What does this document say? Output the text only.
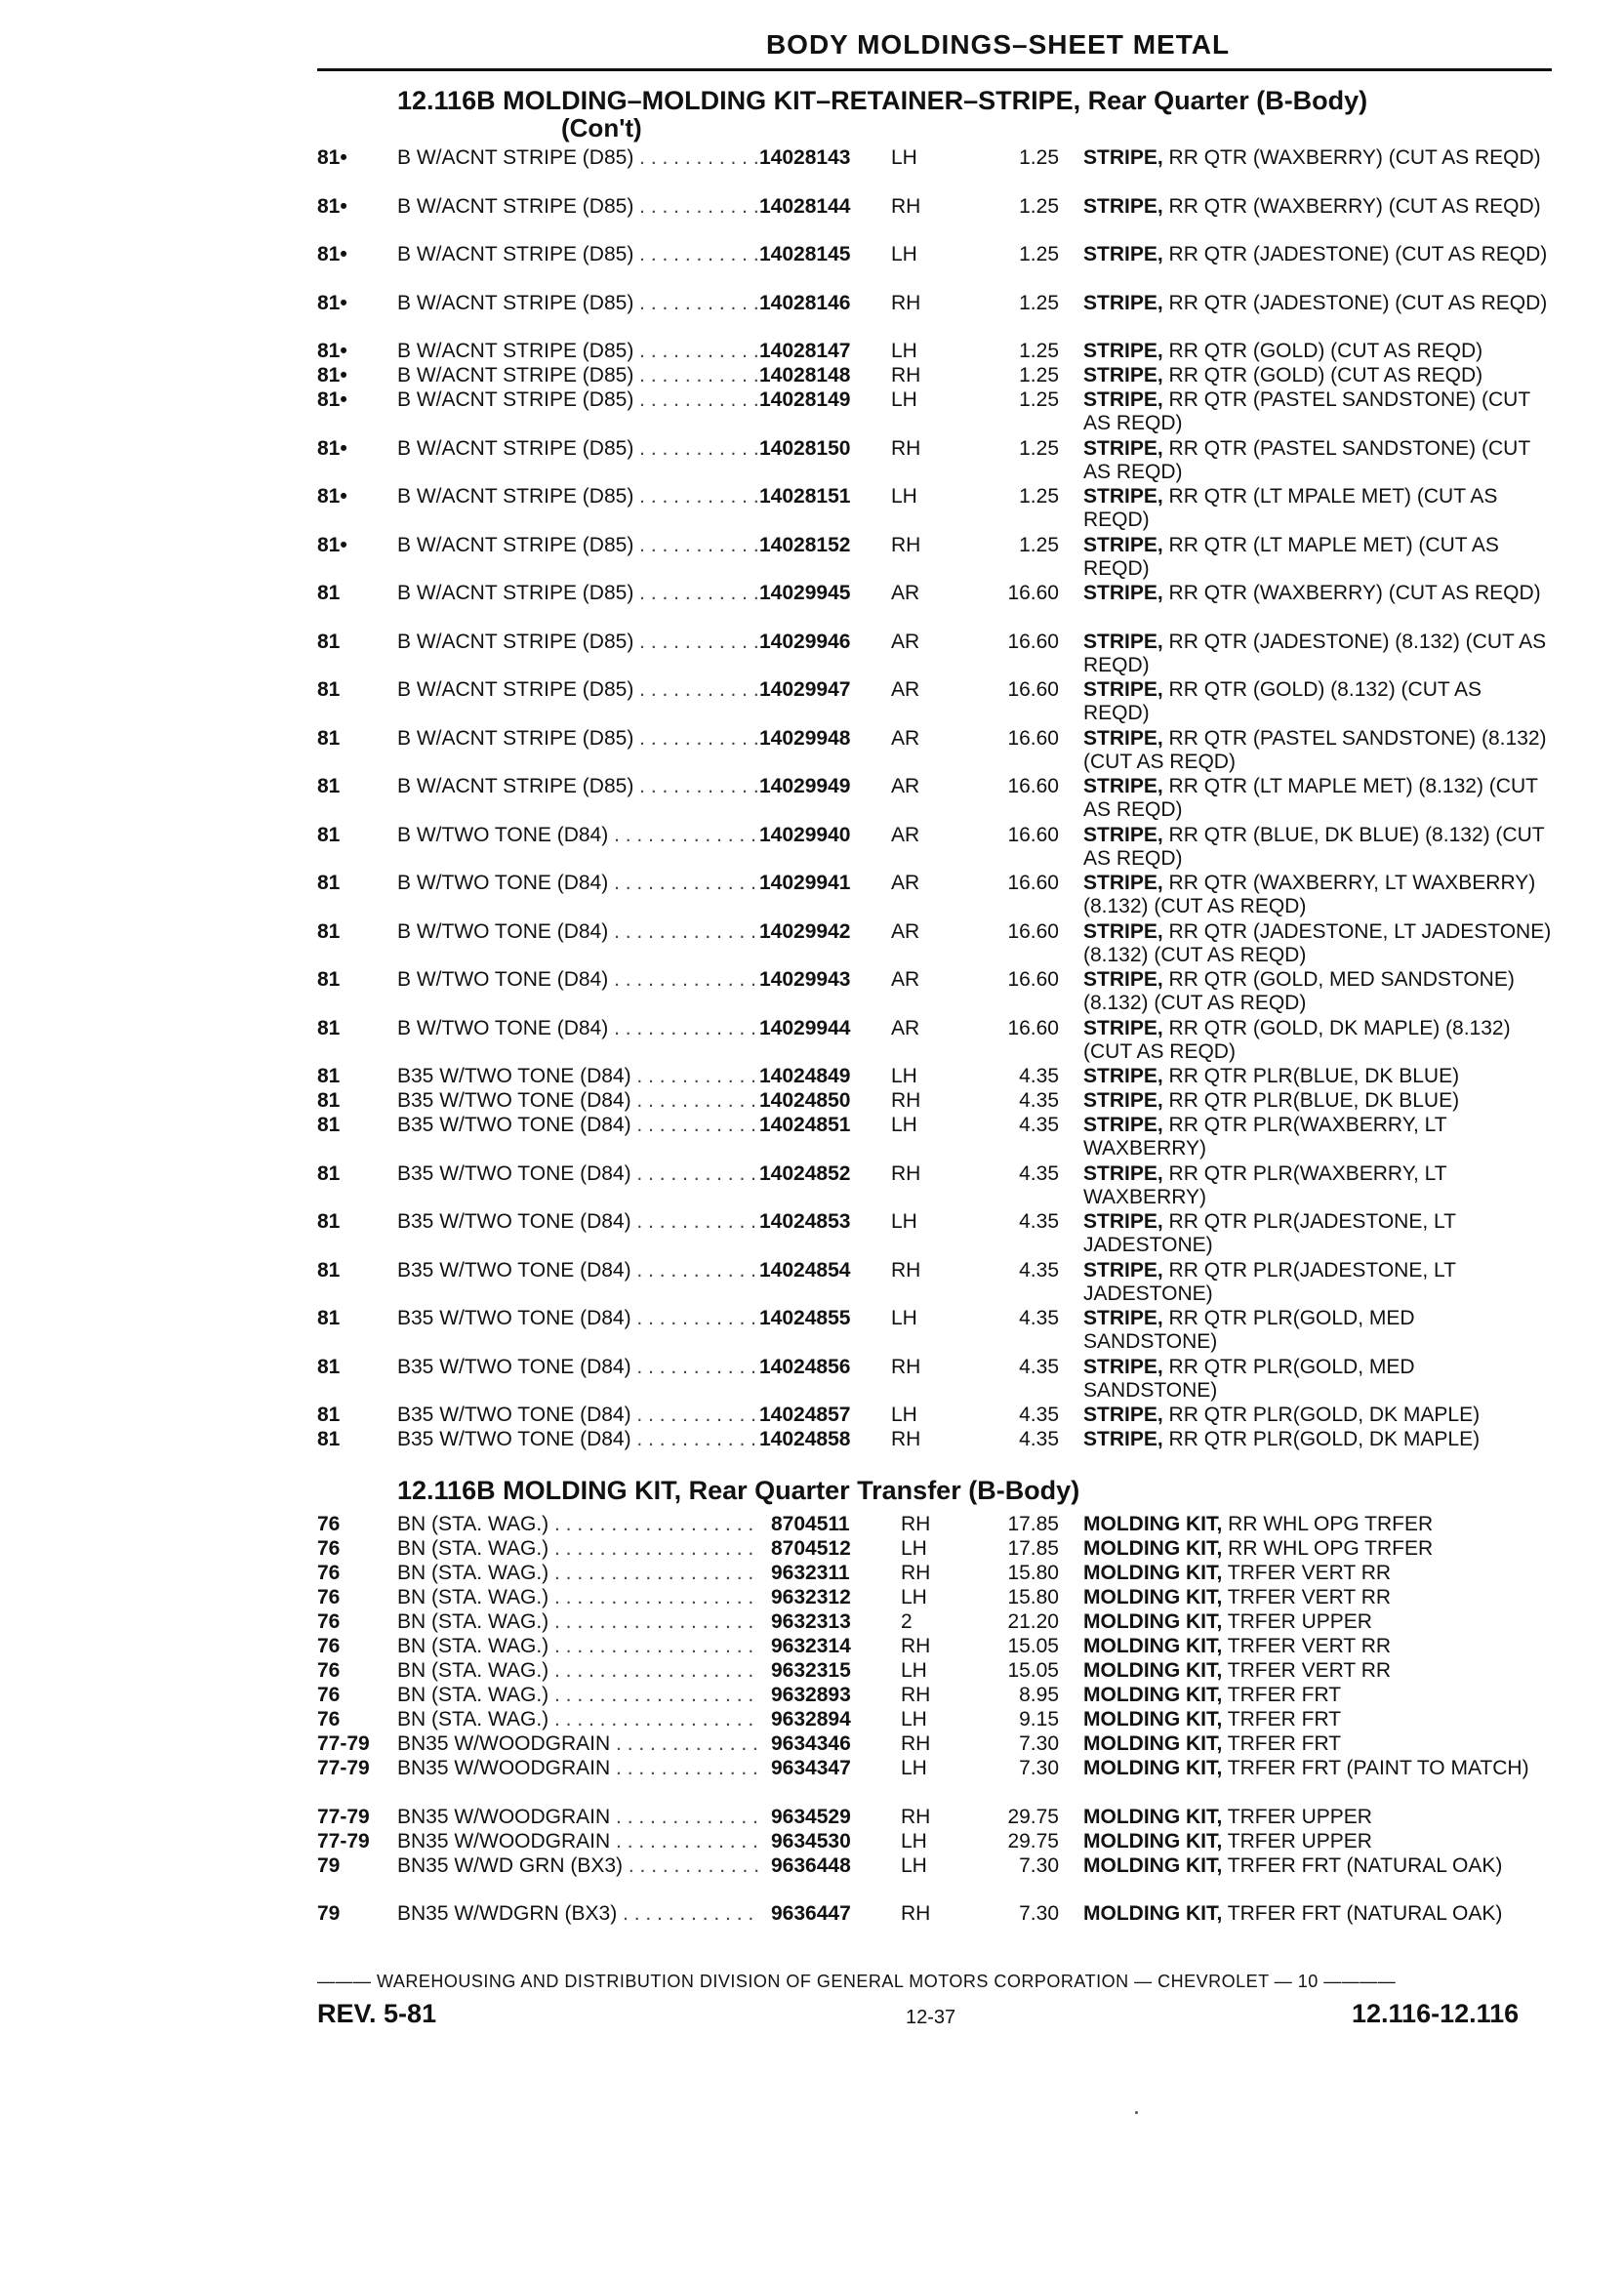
BODY MOLDINGS–SHEET METAL
12.116B MOLDING–MOLDING KIT–RETAINER–STRIPE, Rear Quarter (B-Body)
(Con't)
81•	B W/ACNT STRIPE (D85) . . .	14028143	LH	1.25 STRIPE, RR QTR (WAXBERRY) (CUT AS REQD)
81•	B W/ACNT STRIPE (D85) . . .	14028144	RH	1.25 STRIPE, RR QTR (WAXBERRY) (CUT AS REQD)
81•	B W/ACNT STRIPE (D85) . . .	14028145	LH	1.25 STRIPE, RR QTR (JADESTONE) (CUT AS REQD)
81•	B W/ACNT STRIPE (D85) . . .	14028146	RH	1.25 STRIPE, RR QTR (JADESTONE) (CUT AS REQD)
81•	B W/ACNT STRIPE (D85) . . .	14028147	LH	1.25 STRIPE, RR QTR (GOLD) (CUT AS REQD)
81•	B W/ACNT STRIPE (D85) . . .	14028148	RH	1.25 STRIPE, RR QTR (GOLD) (CUT AS REQD)
81•	B W/ACNT STRIPE (D85) . . .	14028149	LH	1.25 STRIPE, RR QTR (PASTEL SANDSTONE) (CUT AS REQD)
81•	B W/ACNT STRIPE (D85) . . .	14028150	RH	1.25 STRIPE, RR QTR (PASTEL SANDSTONE) (CUT AS REQD)
81•	B W/ACNT STRIPE (D85) . . .	14028151	LH	1.25 STRIPE, RR QTR (LT MPALE MET) (CUT AS REQD)
81•	B W/ACNT STRIPE (D85) . . .	14028152	RH	1.25 STRIPE, RR QTR (LT MAPLE MET) (CUT AS REQD)
81	B W/ACNT STRIPE (D85) . . .	14029945	AR	16.60 STRIPE, RR QTR (WAXBERRY) (CUT AS REQD)
81	B W/ACNT STRIPE (D85) . . .	14029946	AR	16.60 STRIPE, RR QTR (JADESTONE) (8.132) (CUT AS REQD)
81	B W/ACNT STRIPE (D85) . . .	14029947	AR	16.60 STRIPE, RR QTR (GOLD) (8.132) (CUT AS REQD)
81	B W/ACNT STRIPE (D85) . . .	14029948	AR	16.60 STRIPE, RR QTR (PASTEL SANDSTONE) (8.132) (CUT AS REQD)
81	B W/ACNT STRIPE (D85) . . .	14029949	AR	16.60 STRIPE, RR QTR (LT MAPLE MET) (8.132) (CUT AS REQD)
81	B W/TWO TONE (D84) . . .	14029940	AR	16.60 STRIPE, RR QTR (BLUE, DK BLUE) (8.132) (CUT AS REQD)
81	B W/TWO TONE (D84) . . .	14029941	AR	16.60 STRIPE, RR QTR (WAXBERRY, LT WAXBERRY) (8.132) (CUT AS REQD)
81	B W/TWO TONE (D84) . . .	14029942	AR	16.60 STRIPE, RR QTR (JADESTONE, LT JADESTONE) (8.132) (CUT AS REQD)
81	B W/TWO TONE (D84) . . .	14029943	AR	16.60 STRIPE, RR QTR (GOLD, MED SANDSTONE) (8.132) (CUT AS REQD)
81	B W/TWO TONE (D84) . . .	14029944	AR	16.60 STRIPE, RR QTR (GOLD, DK MAPLE) (8.132) (CUT AS REQD)
81	B35 W/TWO TONE (D84) . . .	14024849	LH	4.35 STRIPE, RR QTR PLR(BLUE, DK BLUE)
81	B35 W/TWO TONE (D84) . . .	14024850	RH	4.35 STRIPE, RR QTR PLR(BLUE, DK BLUE)
81	B35 W/TWO TONE (D84) . . .	14024851	LH	4.35 STRIPE, RR QTR PLR(WAXBERRY, LT WAXBERRY)
81	B35 W/TWO TONE (D84) . . .	14024852	RH	4.35 STRIPE, RR QTR PLR(WAXBERRY, LT WAXBERRY)
81	B35 W/TWO TONE (D84) . . .	14024853	LH	4.35 STRIPE, RR QTR PLR(JADESTONE, LT JADESTONE)
81	B35 W/TWO TONE (D84) . . .	14024854	RH	4.35 STRIPE, RR QTR PLR(JADESTONE, LT JADESTONE)
81	B35 W/TWO TONE (D84) . . .	14024855	LH	4.35 STRIPE, RR QTR PLR(GOLD, MED SANDSTONE)
81	B35 W/TWO TONE (D84) . . .	14024856	RH	4.35 STRIPE, RR QTR PLR(GOLD, MED SANDSTONE)
81	B35 W/TWO TONE (D84) . . .	14024857	LH	4.35 STRIPE, RR QTR PLR(GOLD, DK MAPLE)
81	B35 W/TWO TONE (D84) . . .	14024858	RH	4.35 STRIPE, RR QTR PLR(GOLD, DK MAPLE)
12.116B MOLDING KIT, Rear Quarter Transfer (B-Body)
76	BN (STA. WAG.) . . .	8704511	RH	17.85 MOLDING KIT, RR WHL OPG TRFER
76	BN (STA. WAG.) . . .	8704512	LH	17.85 MOLDING KIT, RR WHL OPG TRFER
76	BN (STA. WAG.) . . .	9632311	RH	15.80 MOLDING KIT, TRFER VERT RR
76	BN (STA. WAG.) . . .	9632312	LH	15.80 MOLDING KIT, TRFER VERT RR
76	BN (STA. WAG.) . . .	9632313	2	21.20 MOLDING KIT, TRFER UPPER
76	BN (STA. WAG.) . . .	9632314	RH	15.05 MOLDING KIT, TRFER VERT RR
76	BN (STA. WAG.) . . .	9632315	LH	15.05 MOLDING KIT, TRFER VERT RR
76	BN (STA. WAG.) . . .	9632893	RH	8.95 MOLDING KIT, TRFER FRT
76	BN (STA. WAG.) . . .	9632894	LH	9.15 MOLDING KIT, TRFER FRT
77-79	BN35 W/WOODGRAIN . . .	9634346	RH	7.30 MOLDING KIT, TRFER FRT
77-79	BN35 W/WOODGRAIN . . .	9634347	LH	7.30 MOLDING KIT, TRFER FRT (PAINT TO MATCH)
77-79	BN35 W/WOODGRAIN . . .	9634529	RH	29.75 MOLDING KIT, TRFER UPPER
77-79	BN35 W/WOODGRAIN . . .	9634530	LH	29.75 MOLDING KIT, TRFER UPPER
79	BN35 W/WD GRN (BX3) . . .	9636448	LH	7.30 MOLDING KIT, TRFER FRT (NATURAL OAK)
79	BN35 W/WDGRN (BX3) . . .	9636447	RH	7.30 MOLDING KIT, TRFER FRT (NATURAL OAK)
——— WAREHOUSING AND DISTRIBUTION DIVISION OF GENERAL MOTORS CORPORATION — CHEVROLET — 10 ————
REV. 5-81	12-37	12.116-12.116
